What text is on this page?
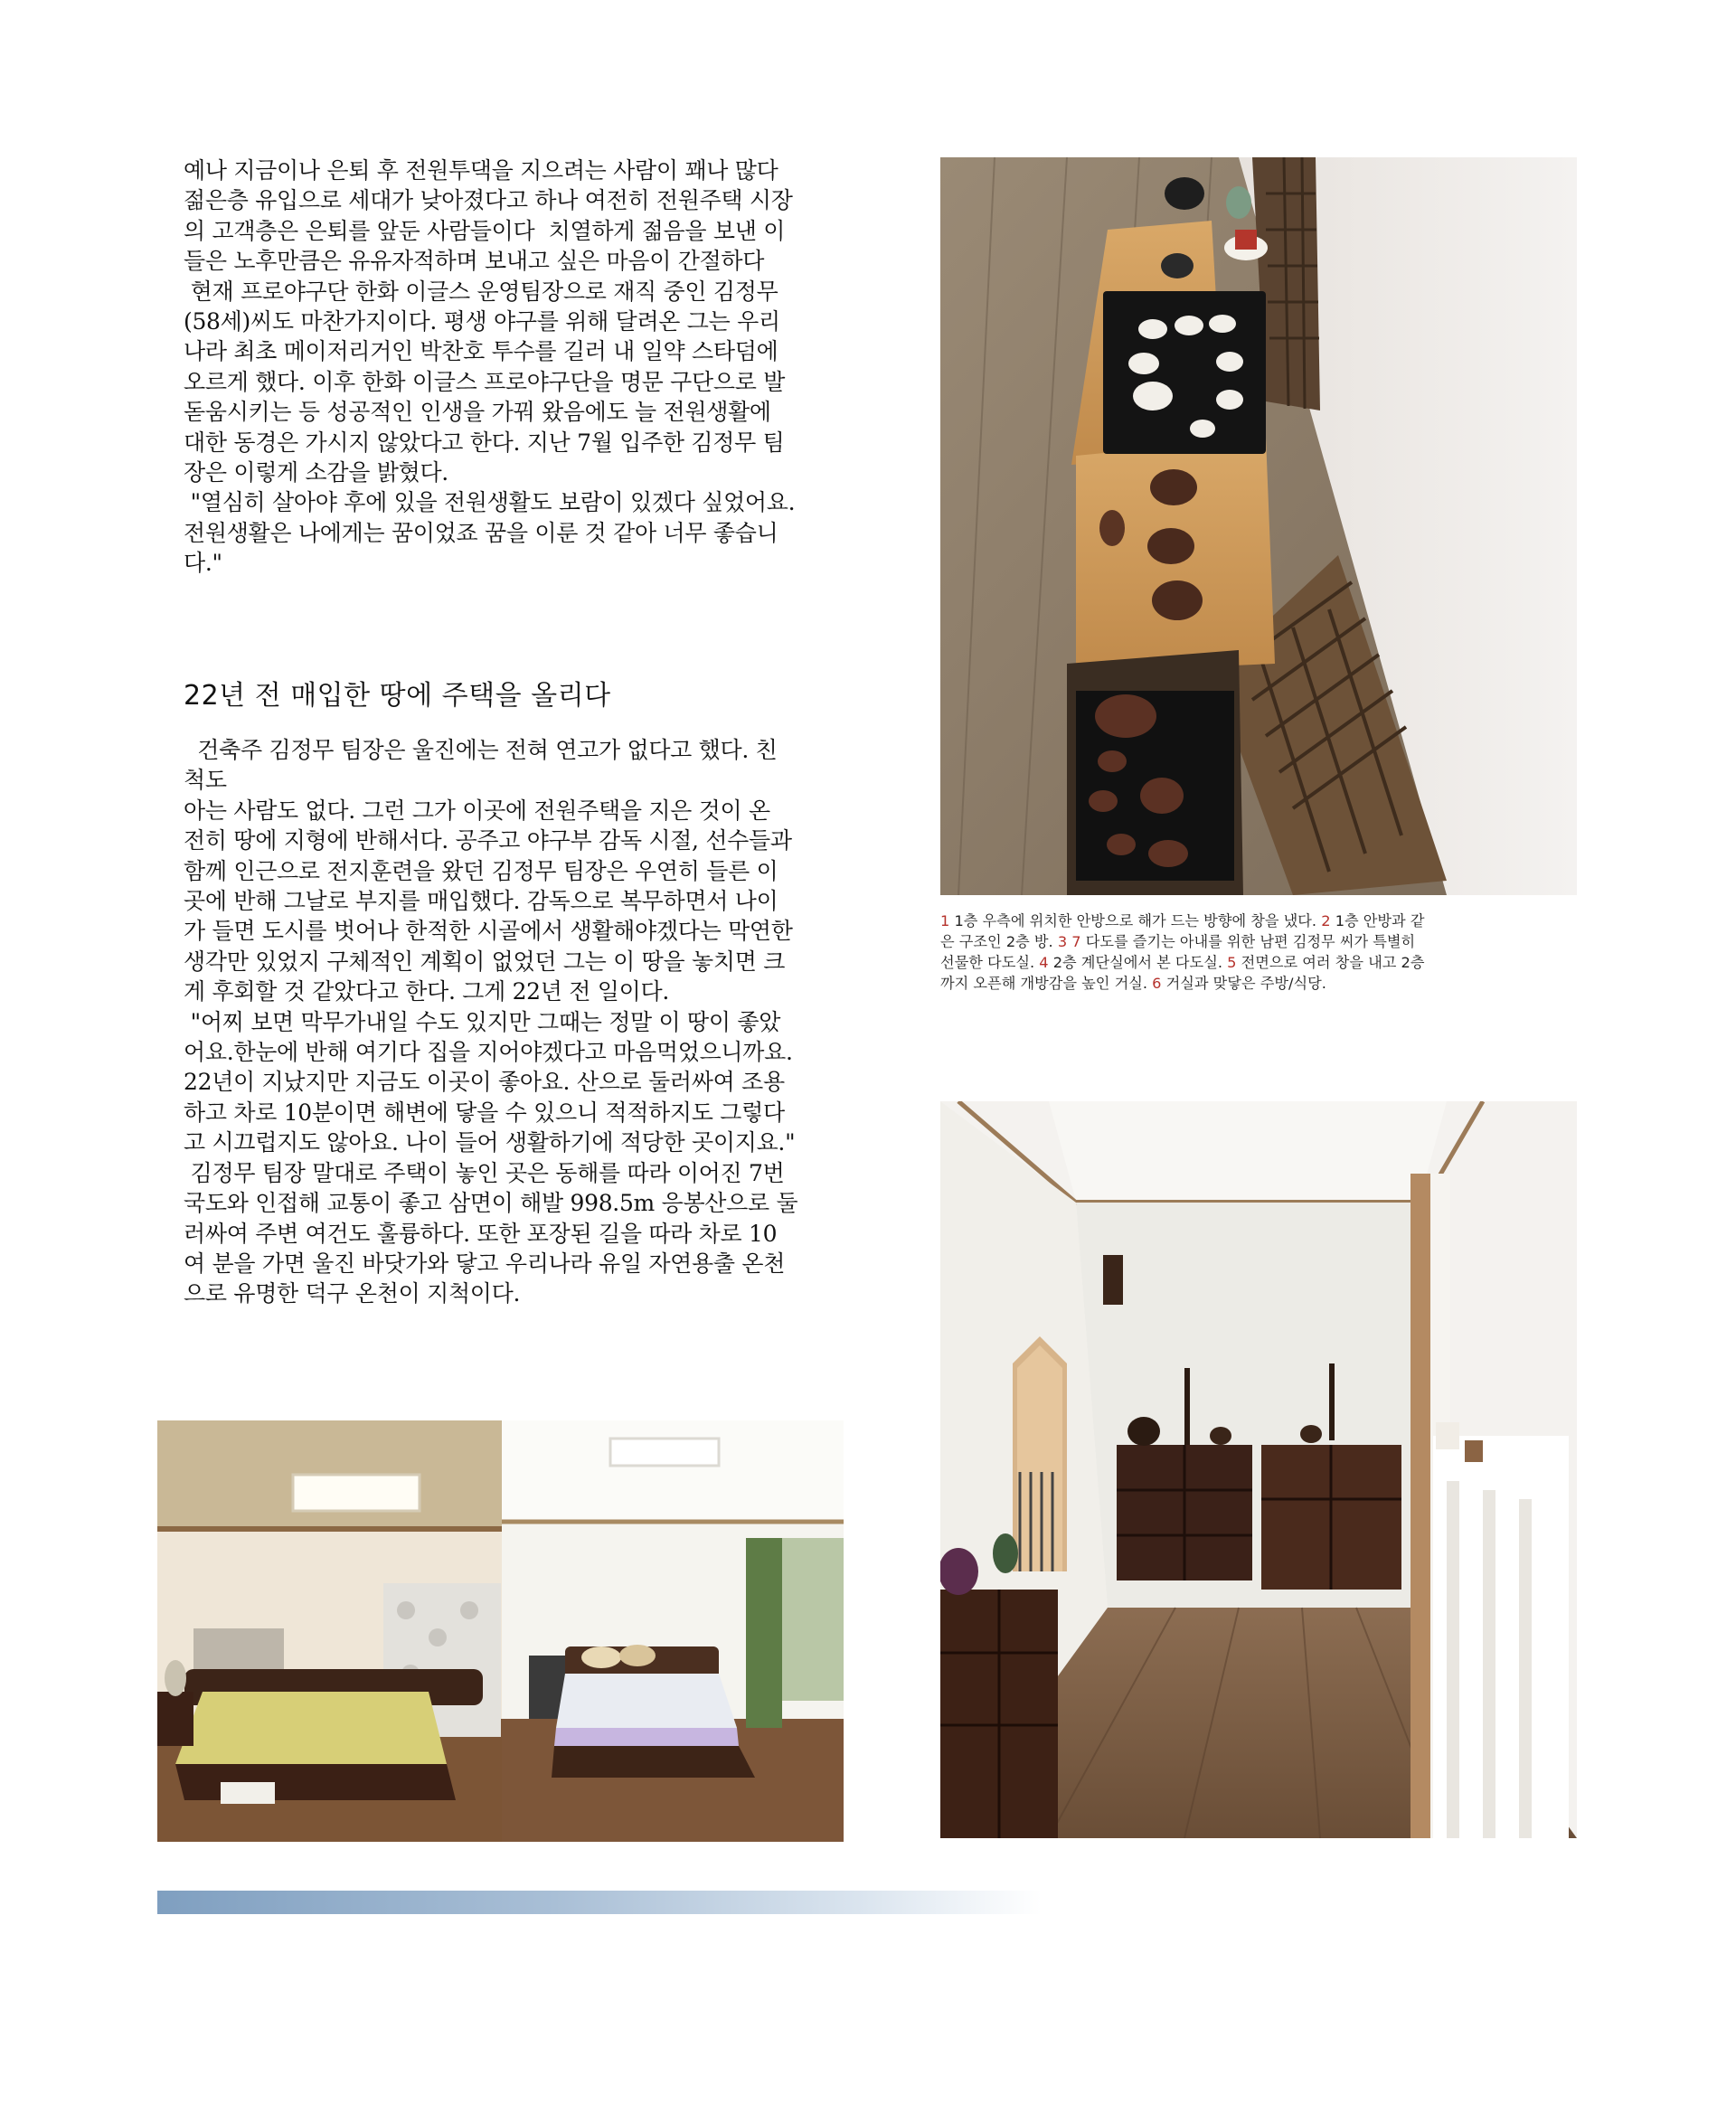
예나 지금이나 은퇴 후 전원투댁을 지으려는 사람이 꽤나 많다

젊은층 유입으로 세대가 낮아졌다고 하나 여전히 전원주택 시장

의 고객층은 은퇴를 앞둔 사람들이다  치열하게 젊음을 보낸 이

들은 노후만큼은 유유자적하며 보내고 싶은 마음이 간절하다

현재 프로야구단 한화 이글스 운영팀장으로 재직 중인 김정무

(58세)씨도 마찬가지이다. 평생 야구를 위해 달려온 그는 우리

나라 최초 메이저리거인 박찬호 투수를 길러 내 일약 스타덤에

오르게 했다. 이후 한화 이글스 프로야구단을 명문 구단으로 발

돋움시키는 등 성공적인 인생을 가꿔 왔음에도 늘 전원생활에

대한 동경은 가시지 않았다고 한다. 지난 7월 입주한 김정무 팀

장은 이렇게 소감을 밝혔다.

"열심히 살아야 후에 있을 전원생활도 보람이 있겠다 싶었어요.

전원생활은 나에게는 꿈이었죠 꿈을 이룬 것 같아 너무 좋습니

다."

22년 전 매입한 땅에 주택을 올리다

건축주 김정무 팀장은 울진에는 전혀 연고가 없다고 했다. 친

척도

아는 사람도 없다. 그런 그가 이곳에 전원주택을 지은 것이 온

전히 땅에 지형에 반해서다. 공주고 야구부 감독 시절, 선수들과

함께 인근으로 전지훈련을 왔던 김정무 팀장은 우연히 들른 이

곳에 반해 그날로 부지를 매입했다. 감독으로 복무하면서 나이

가 들면 도시를 벗어나 한적한 시골에서 생활해야겠다는 막연한

생각만 있었지 구체적인 계획이 없었던 그는 이 땅을 놓치면 크

게 후회할 것 같았다고 한다. 그게 22년 전 일이다.

"어찌 보면 막무가내일 수도 있지만 그때는 정말 이 땅이 좋았

어요.한눈에 반해 여기다 집을 지어야겠다고 마음먹었으니까요.

22년이 지났지만 지금도 이곳이 좋아요. 산으로 둘러싸여 조용

하고 차로 10분이면 해변에 닿을 수 있으니 적적하지도 그렇다

고 시끄럽지도 않아요. 나이 들어 생활하기에 적당한 곳이지요."

김정무 팀장 말대로 주택이 놓인 곳은 동해를 따라 이어진 7번

국도와 인접해 교통이 좋고 삼면이 해발 998.5m 응봉산으로 둘

러싸여 주변 여건도 훌륭하다. 또한 포장된 길을 따라 차로 10

여 분을 가면 울진 바닷가와 닿고 우리나라 유일 자연용출 온천

으로 유명한 덕구 온천이 지척이다.

1 1층 우측에 위치한 안방으로 해가 드는 방향에 창을 냈다. 2 1층 안방과 같

은 구조인 2층 방. 3 7 다도를 즐기는 아내를 위한 남편 김정무 씨가 특별히

선물한 다도실. 4 2층 계단실에서 본 다도실. 5 전면으로 여러 창을 내고 2층

까지 오픈해 개방감을 높인 거실. 6 거실과 맞닿은 주방/식당.
